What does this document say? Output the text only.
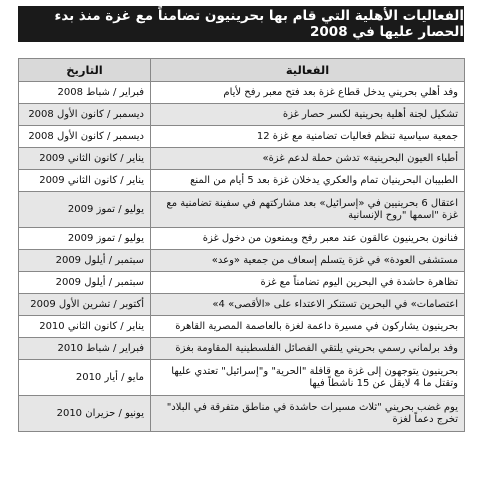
الفعاليات الأهلية التي قام بها بحرينيون تضامناً مع غزة منذ بدء الحصار عليها في 2008
الفعالية	التاريخ
وفد أهلي بحريني يدخل قطاع غزة بعد فتح معبر رفح لأيام	فبراير / شباط 2008
تشكيل لجنة أهلية بحرينية لكسر حصار غزة	ديسمبر / كانون الأول 2008
جمعية سياسية تنظم فعاليات تضامنية مع غزة 12	ديسمبر / كانون الأول 2008
أطباء العيون البحرينية» تدشن حملة لدعم غزة»	يناير / كانون الثاني 2009
الطبيبان البحرينيان تمام والعكري يدخلان غزة بعد 5 أيام من المنع	يناير / كانون الثاني 2009
اعتقال 6 بحرينيين في «إسرائيل» بعد مشاركتهم في سفينة تضامنية مع غزة "اسمها "روح الإنسانية	يوليو / تموز 2009
فنانون بحرينيون عالقون عند معبر رفح ويمنعون من دخول غزة	يوليو / تموز 2009
مستشفى العودة» في غزة يتسلم إسعاف من جمعية «وعد»	سبتمبر / أيلول 2009
تظاهرة حاشدة في البحرين اليوم تضامناً مع غزة	سبتمبر / أيلول 2009
اعتصامات» في البحرين تستنكر الاعتداء على «الأقصى» 4»	أكتوبر / تشرين الأول 2009
بحرينيون يشاركون في مسيرة داعمة لغزة بالعاصمة المصرية القاهرة	يناير / كانون الثاني 2010
وفد برلماني رسمي بحريني يلتقي الفصائل الفلسطينية المقاومة بغزة	فبراير / شباط 2010
بحرينيون يتوجهون إلى غزة مع قافلة "الحرية" و"إسرائيل" تعتدي عليها وتقتل ما 4 لايقل عن 15 ناشطاً فيها	مايو / أيار 2010
يوم غضب بحريني "ثلاث مسيرات حاشدة في مناطق متفرقة في البلاد" تخرج دعماً لغزة	يونيو / حزيران 2010
